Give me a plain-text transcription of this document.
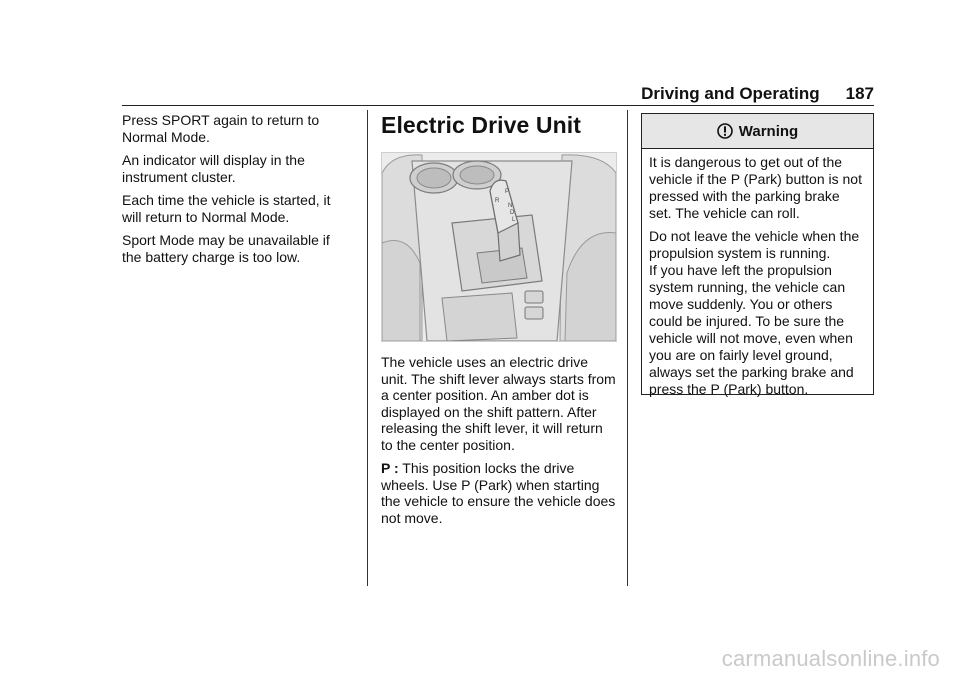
Driving and Operating 187

Press SPORT again to return to Normal Mode.

An indicator will display in the instrument cluster.

Each time the vehicle is started, it will return to Normal Mode.

Sport Mode may be unavailable if the battery charge is too low.

Electric Drive Unit
P
R
N
D
L

The vehicle uses an electric drive unit. The shift lever always starts from a center position. An amber dot is displayed on the shift pattern. After releasing the shift lever, it will return to the center position.

P : This position locks the drive wheels. Use P (Park) when starting the vehicle to ensure the vehicle does not move.

Warning

It is dangerous to get out of the vehicle if the P (Park) button is not pressed with the parking brake set. The vehicle can roll.

Do not leave the vehicle when the propulsion system is running.

If you have left the propulsion system running, the vehicle can move suddenly. You or others could be injured. To be sure the vehicle will not move, even when you are on fairly level ground, always set the parking brake and press the P (Park) button.

carmanualsonline.info
